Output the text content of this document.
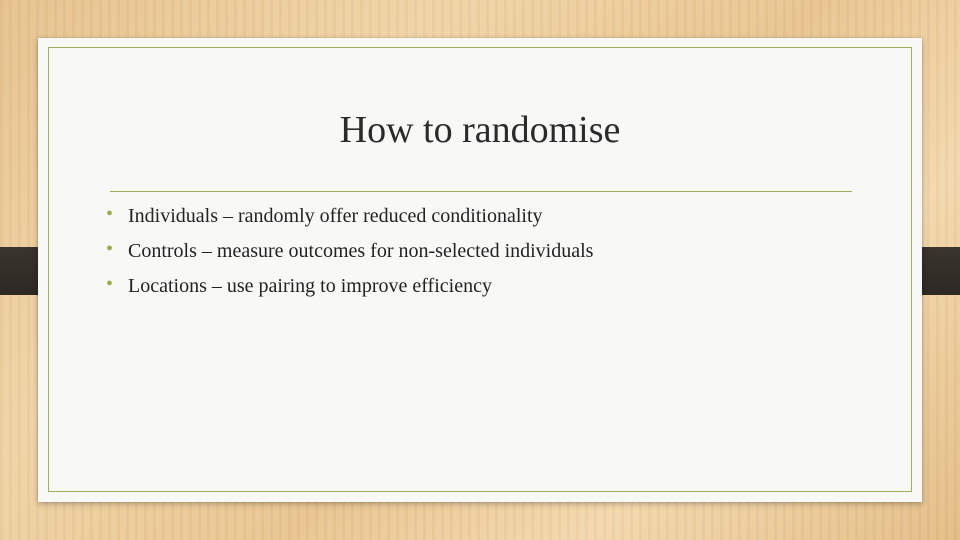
How to randomise
• Individuals – randomly offer reduced conditionality
• Controls – measure outcomes for non-selected individuals
• Locations – use pairing to improve efficiency
